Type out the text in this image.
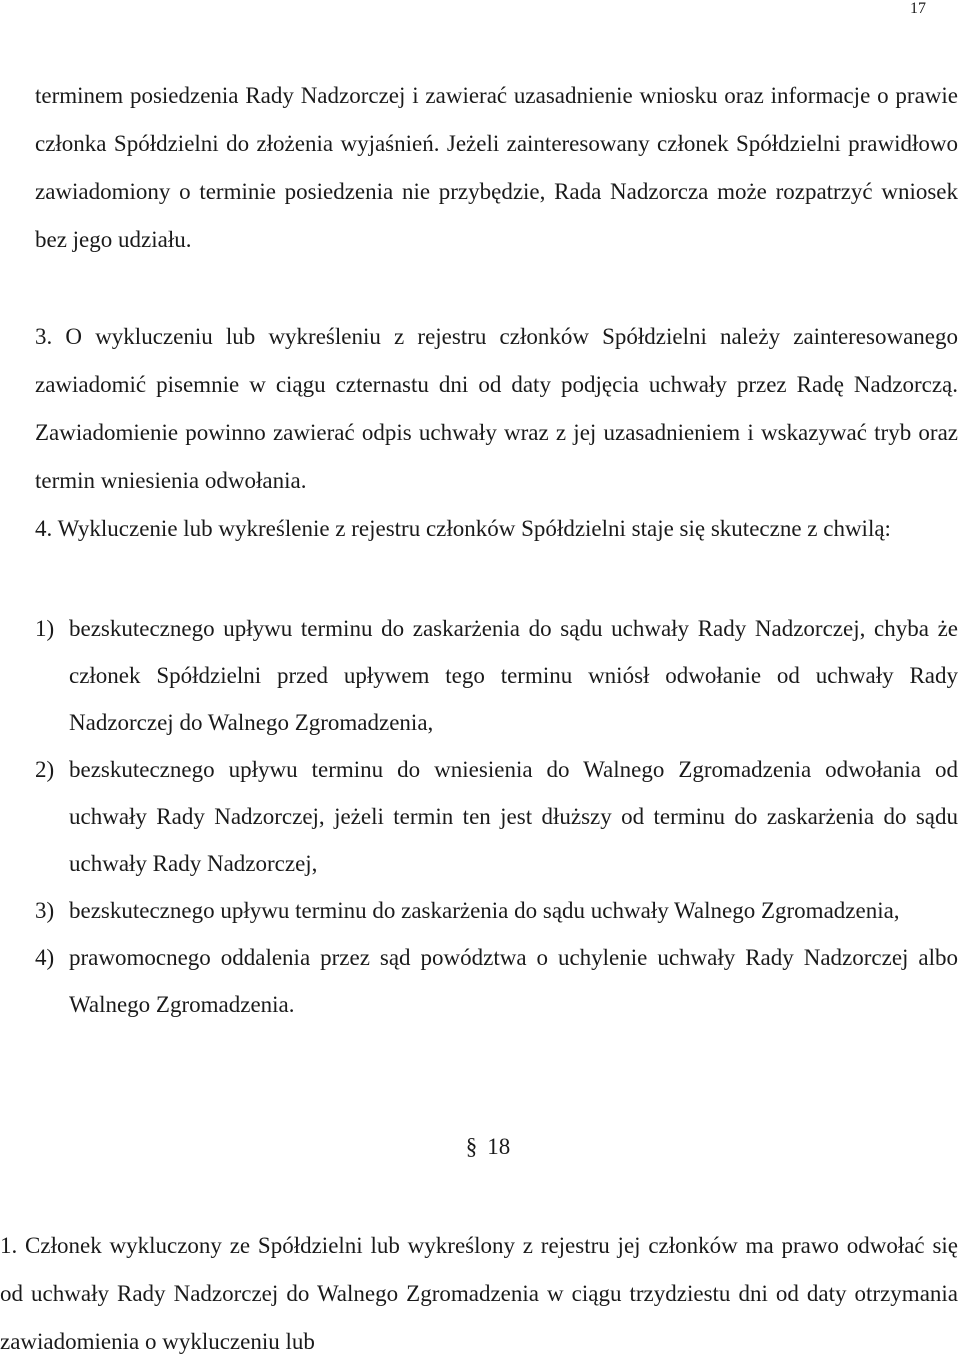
17
terminem posiedzenia Rady Nadzorczej i zawierać uzasadnienie wniosku oraz informacje o prawie członka Spółdzielni do złożenia wyjaśnień. Jeżeli zainteresowany członek Spółdzielni prawidłowo zawiadomiony o terminie posiedzenia nie przybędzie, Rada Nadzorcza może rozpatrzyć wniosek bez jego udziału.
3. O wykluczeniu lub wykreśleniu z rejestru członków Spółdzielni należy zainteresowanego zawiadomić pisemnie w ciągu czternastu dni od daty podjęcia uchwały przez Radę Nadzorczą. Zawiadomienie powinno zawierać odpis uchwały wraz z jej uzasadnieniem i wskazywać tryb oraz termin wniesienia odwołania.
4. Wykluczenie lub wykreślenie z rejestru członków Spółdzielni staje się skuteczne z chwilą:
1) bezskutecznego upływu terminu do zaskarżenia do sądu uchwały Rady Nadzorczej, chyba że członek Spółdzielni przed upływem tego terminu wniósł odwołanie od uchwały Rady Nadzorczej do Walnego Zgromadzenia,
2) bezskutecznego upływu terminu do wniesienia do Walnego Zgromadzenia odwołania od uchwały Rady Nadzorczej, jeżeli termin ten jest dłuższy od terminu do zaskarżenia do sądu uchwały Rady Nadzorczej,
3) bezskutecznego upływu terminu do zaskarżenia do sądu uchwały Walnego Zgromadzenia,
4) prawomocnego oddalenia przez sąd powództwa o uchylenie uchwały Rady Nadzorczej albo Walnego Zgromadzenia.
§ 18
1. Członek wykluczony ze Spółdzielni lub wykreślony z rejestru jej członków ma prawo odwołać się od uchwały Rady Nadzorczej do Walnego Zgromadzenia w ciągu trzydziestu dni od daty otrzymania zawiadomienia o wykluczeniu lub
